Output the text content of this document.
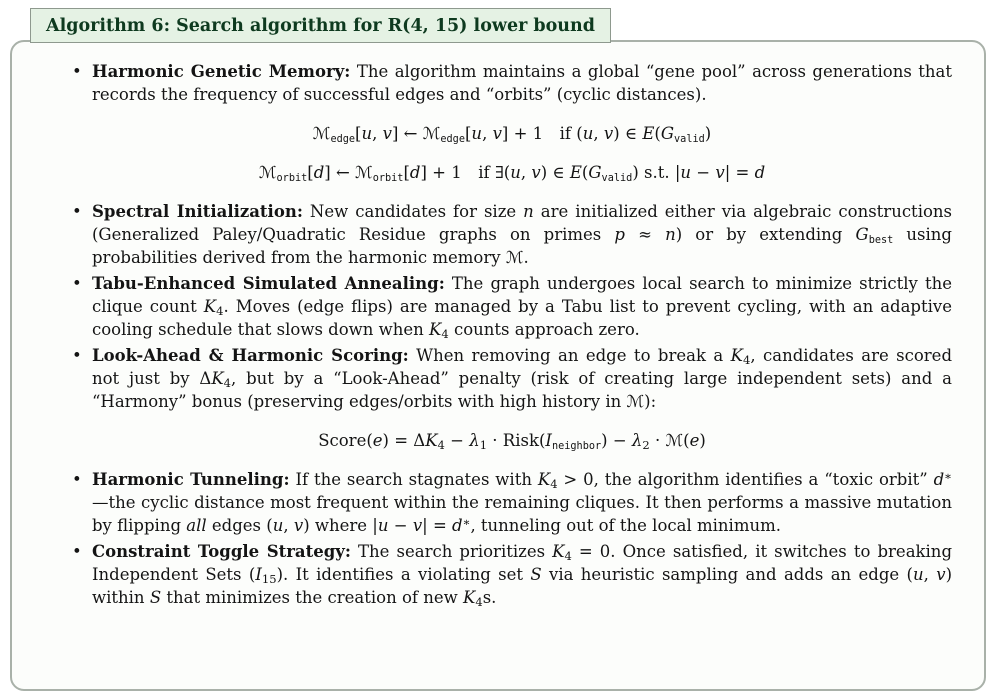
• Harmonic Genetic Memory: The algorithm maintains a global “gene pool” across generations that records the frequency of successful edges and “orbits” (cyclic distances).
ℳedge[u, v] ← ℳedge[u, v] + 1 if (u, v) ∈ E(Gvalid)
ℳorbit[d] ← ℳorbit[d] + 1 if ∃(u, v) ∈ E(Gvalid) s.t. |u − v| = d
• Spectral Initialization: New candidates for size n are initialized either via algebraic constructions (Generalized Paley/Quadratic Residue graphs on primes p ≈ n) or by extending Gbest using probabilities derived from the harmonic memory ℳ.
• Tabu-Enhanced Simulated Annealing: The graph undergoes local search to minimize strictly the clique count K4. Moves (edge flips) are managed by a Tabu list to prevent cycling, with an adaptive cooling schedule that slows down when K4 counts approach zero.
• Look-Ahead & Harmonic Scoring: When removing an edge to break a K4, candidates are scored not just by ΔK4, but by a “Look-Ahead” penalty (risk of creating large independent sets) and a “Harmony” bonus (preserving edges/orbits with high history in ℳ):
Score(e) = ΔK4 − λ1 · Risk(Ineighbor) − λ2 · ℳ(e)
• Harmonic Tunneling: If the search stagnates with K4 > 0, the algorithm identifies a “toxic orbit” d∗—the cyclic distance most frequent within the remaining cliques. It then performs a massive mutation by flipping all edges (u, v) where |u − v| = d∗, tunneling out of the local minimum.
• Constraint Toggle Strategy: The search prioritizes K4 = 0. Once satisfied, it switches to breaking Independent Sets (I15). It identifies a violating set S via heuristic sampling and adds an edge (u, v) within S that minimizes the creation of new K4s.
Algorithm 6: Search algorithm for R(4, 15) lower bound
